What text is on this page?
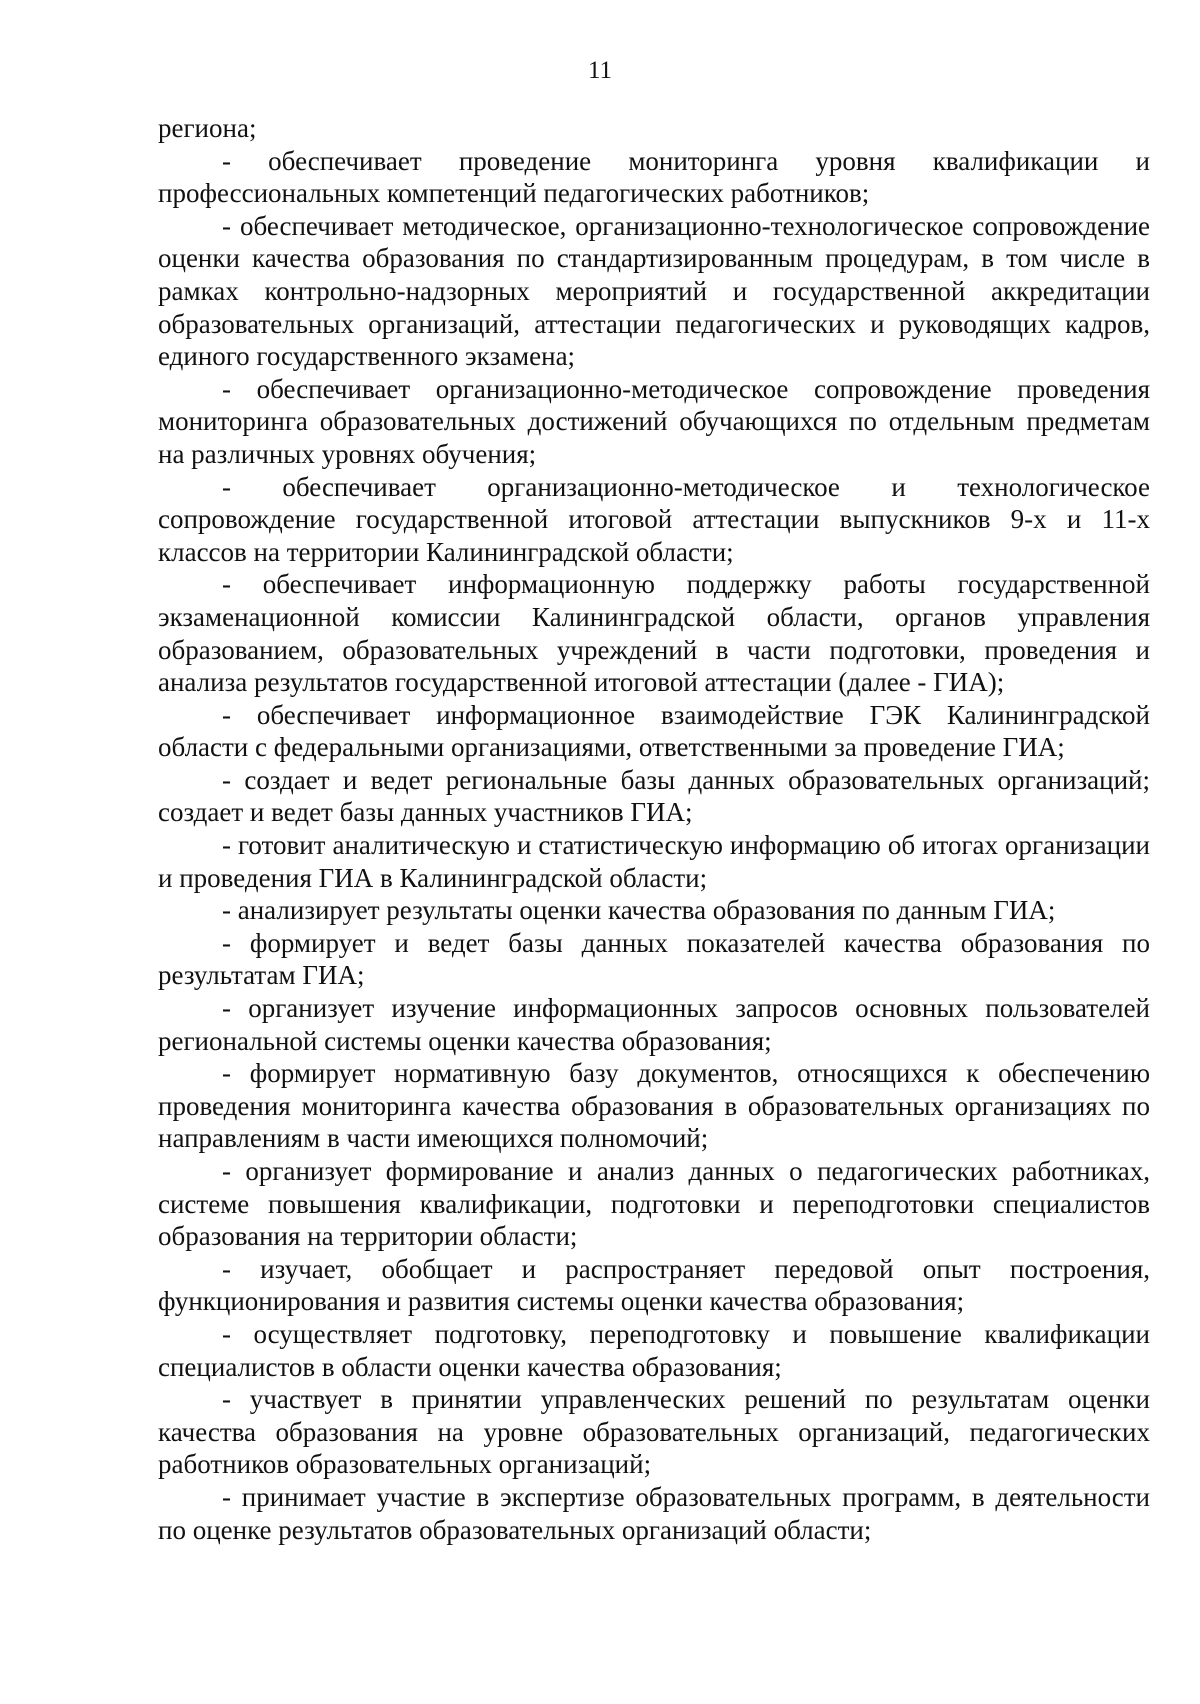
11

региона;

- обеспечивает проведение мониторинга уровня квалификации и профессиональных компетенций педагогических работников;

- обеспечивает методическое, организационно-технологическое сопровождение оценки качества образования по стандартизированным процедурам, в том числе в рамках контрольно-надзорных мероприятий и государственной аккредитации образовательных организаций, аттестации педагогических и руководящих кадров, единого государственного экзамена;

- обеспечивает организационно-методическое сопровождение проведения мониторинга образовательных достижений обучающихся по отдельным предметам на различных уровнях обучения;

- обеспечивает организационно-методическое и технологическое сопровождение государственной итоговой аттестации выпускников 9-х и 11-х классов на территории Калининградской области;

- обеспечивает информационную поддержку работы государственной экзаменационной комиссии Калининградской области, органов управления образованием, образовательных учреждений в части подготовки, проведения и анализа результатов государственной итоговой аттестации (далее - ГИА);

- обеспечивает информационное взаимодействие ГЭК Калининградской области с федеральными организациями, ответственными за проведение ГИА;

- создает и ведет региональные базы данных образовательных организаций; создает и ведет базы данных участников ГИА;

- готовит аналитическую и статистическую информацию об итогах организации и проведения ГИА в Калининградской области;

- анализирует результаты оценки качества образования по данным ГИА;

- формирует и ведет базы данных показателей качества образования по результатам ГИА;

- организует изучение информационных запросов основных пользователей региональной системы оценки качества образования;

- формирует нормативную базу документов, относящихся к обеспечению проведения мониторинга качества образования в образовательных организациях по направлениям в части имеющихся полномочий;

- организует формирование и анализ данных о педагогических работниках, системе повышения квалификации, подготовки и переподготовки специалистов образования на территории области;

- изучает, обобщает и распространяет передовой опыт построения, функционирования и развития системы оценки качества образования;

- осуществляет подготовку, переподготовку и повышение квалификации специалистов в области оценки качества образования;

- участвует в принятии управленческих решений по результатам оценки качества образования на уровне образовательных организаций, педагогических работников образовательных организаций;

- принимает участие в экспертизе образовательных программ, в деятельности по оценке результатов образовательных организаций области;
